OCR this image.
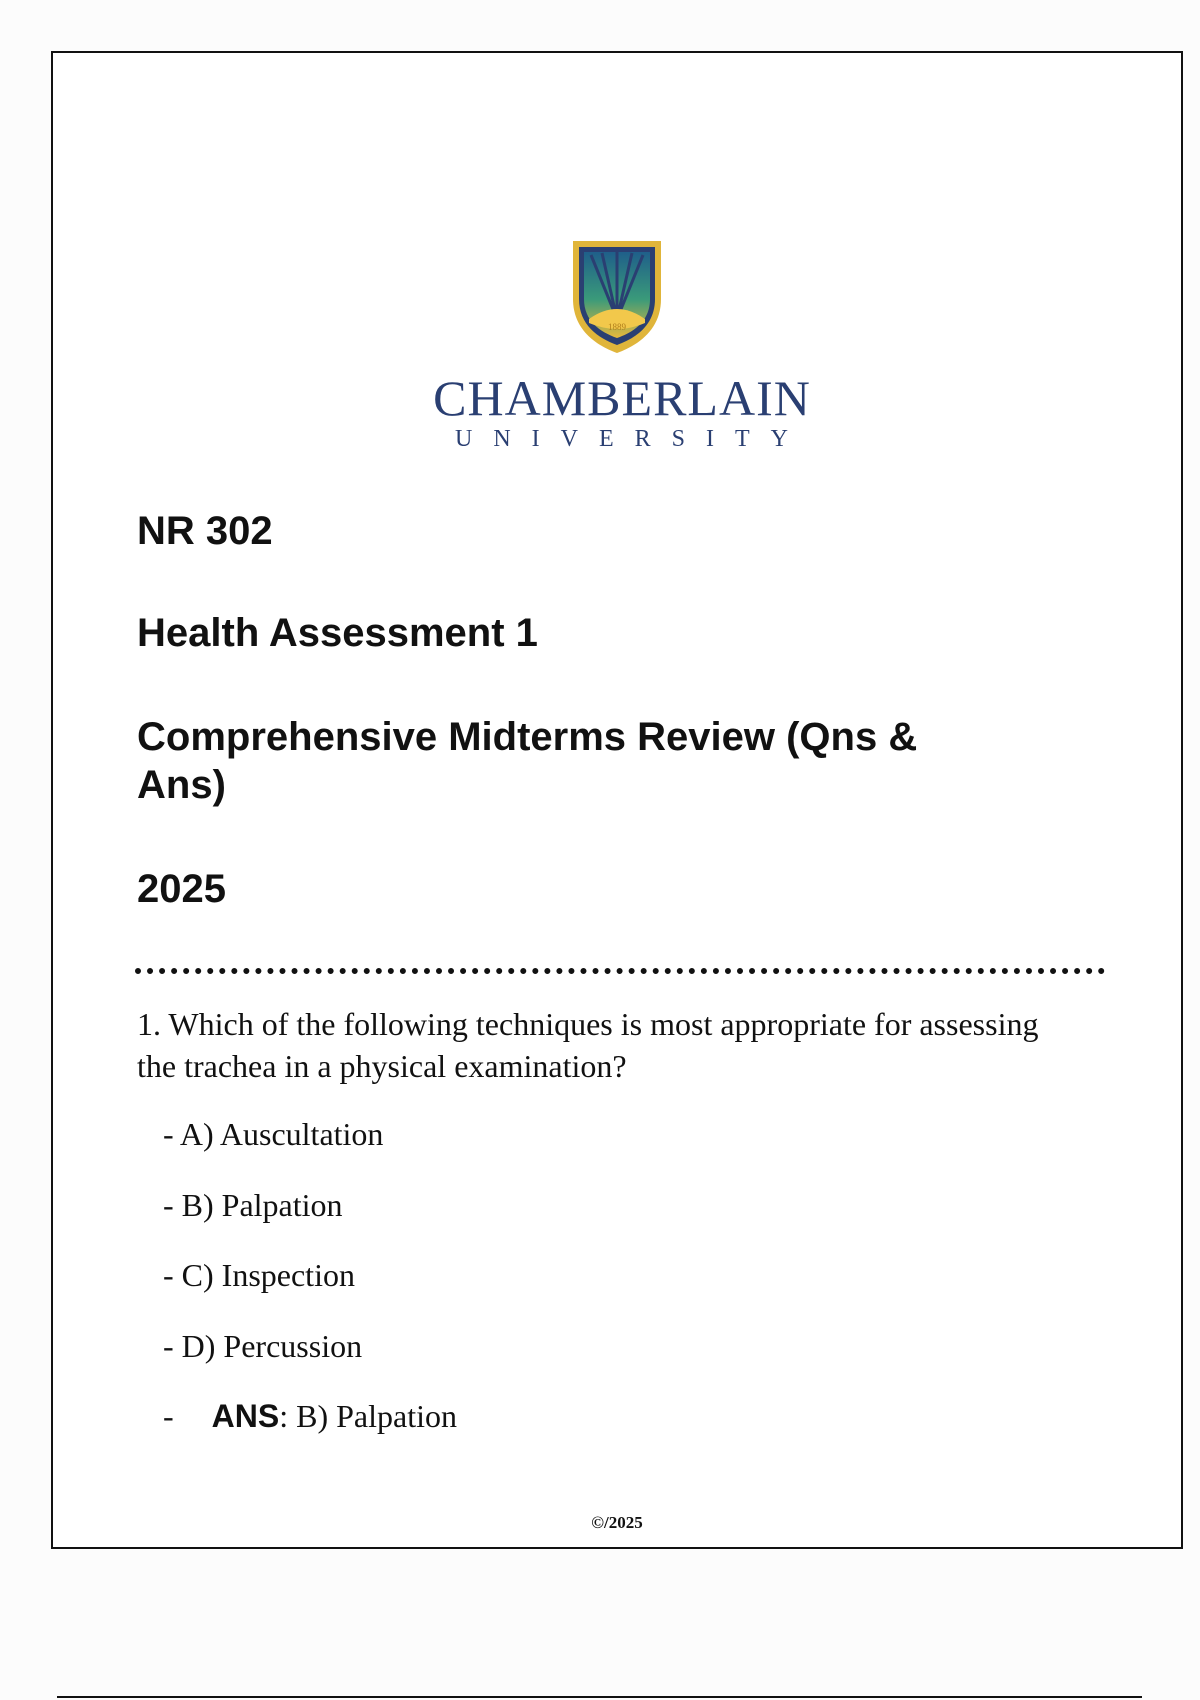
1889
CHAMBERLAIN
UNIVERSITY
NR 302
Health Assessment 1
Comprehensive Midterms Review (Qns &
Ans)
2025
1. Which of the following techniques is most appropriate for assessing the trachea in a physical examination?
- A) Auscultation
- B) Palpation
- C) Inspection
- D) Percussion
- ANS: B) Palpation
©/2025
